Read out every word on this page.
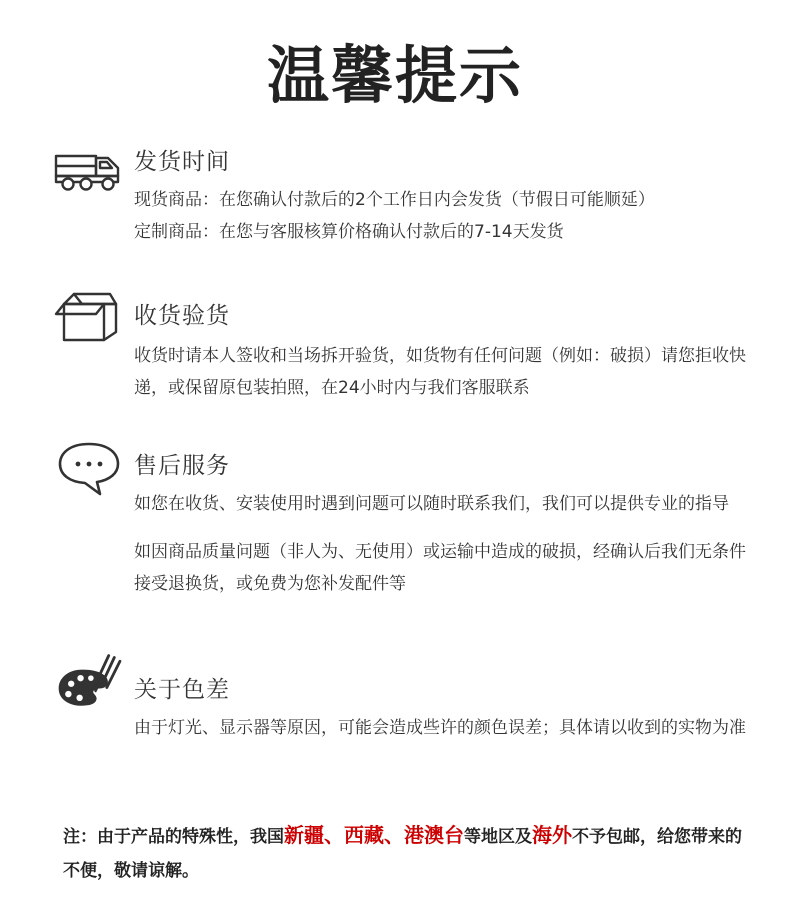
温馨提示
发货时间
现货商品：在您确认付款后的2个工作日内会发货（节假日可能顺延）
定制商品：在您与客服核算价格确认付款后的7-14天发货
收货验货
收货时请本人签收和当场拆开验货，如货物有任何问题（例如：破损）请您拒收快递，或保留原包装拍照，在24小时内与我们客服联系
售后服务
如您在收货、安装使用时遇到问题可以随时联系我们，我们可以提供专业的指导
如因商品质量问题（非人为、无使用）或运输中造成的破损，经确认后我们无条件接受退换货，或免费为您补发配件等
关于色差
由于灯光、显示器等原因，可能会造成些许的颜色误差；具体请以收到的实物为准
注：由于产品的特殊性，我国新疆、西藏、港澳台等地区及海外不予包邮，给您带来的不便，敬请谅解。
